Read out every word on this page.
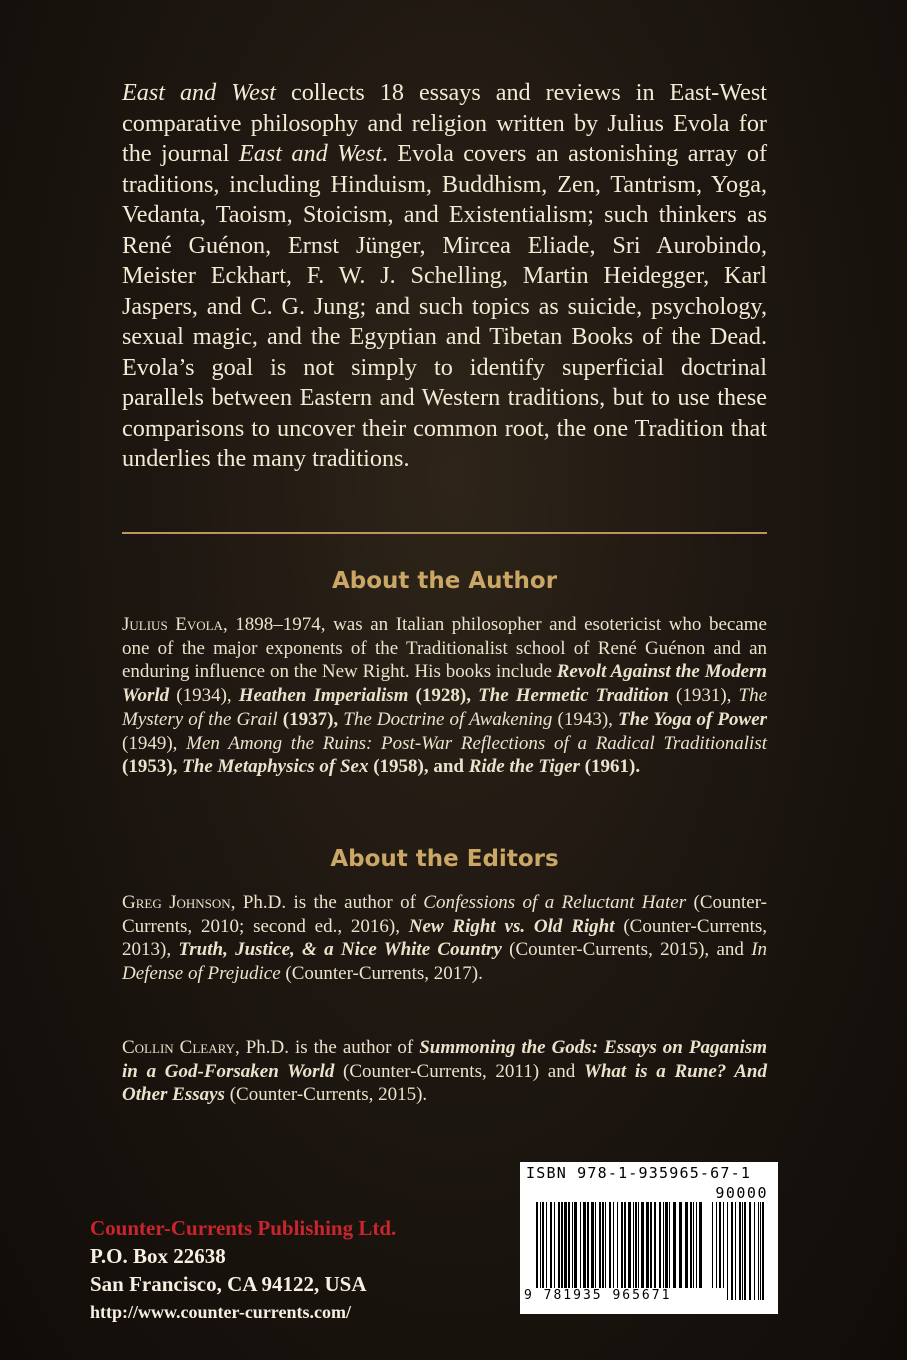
East and West collects 18 essays and reviews in East-West comparative philosophy and religion written by Julius Evola for the journal East and West. Evola covers an astonishing array of traditions, including Hinduism, Buddhism, Zen, Tantrism, Yoga, Vedanta, Taoism, Stoicism, and Existentialism; such thinkers as René Guénon, Ernst Jünger, Mircea Eliade, Sri Aurobindo, Meister Eckhart, F. W. J. Schelling, Martin Heidegger, Karl Jaspers, and C. G. Jung; and such topics as suicide, psychology, sexual magic, and the Egyptian and Tibetan Books of the Dead. Evola’s goal is not simply to identify superficial doctrinal parallels between Eastern and Western traditions, but to use these comparisons to uncover their common root, the one Tradition that underlies the many traditions.
About the Author
Julius Evola, 1898–1974, was an Italian philosopher and esotericist who became one of the major exponents of the Traditionalist school of René Guénon and an enduring influence on the New Right. His books include Revolt Against the Modern World (1934), Heathen Imperialism (1928), The Hermetic Tradition (1931), The Mystery of the Grail (1937), The Doctrine of Awakening (1943), The Yoga of Power (1949), Men Among the Ruins: Post-War Reflections of a Radical Traditionalist (1953), The Metaphysics of Sex (1958), and Ride the Tiger (1961).
About the Editors
Greg Johnson, Ph.D. is the author of Confessions of a Reluctant Hater (Counter-Currents, 2010; second ed., 2016), New Right vs. Old Right (Counter-Currents, 2013), Truth, Justice, & a Nice White Country (Counter-Currents, 2015), and In Defense of Prejudice (Counter-Currents, 2017).
Collin Cleary, Ph.D. is the author of Summoning the Gods: Essays on Paganism in a God-Forsaken World (Counter-Currents, 2011) and What is a Rune? And Other Essays (Counter-Currents, 2015).
Counter-Currents Publishing Ltd.
P.O. Box 22638
San Francisco, CA 94122, USA
http://www.counter-currents.com/
ISBN 978-1-935965-67-1
90000
9 781935 965671
